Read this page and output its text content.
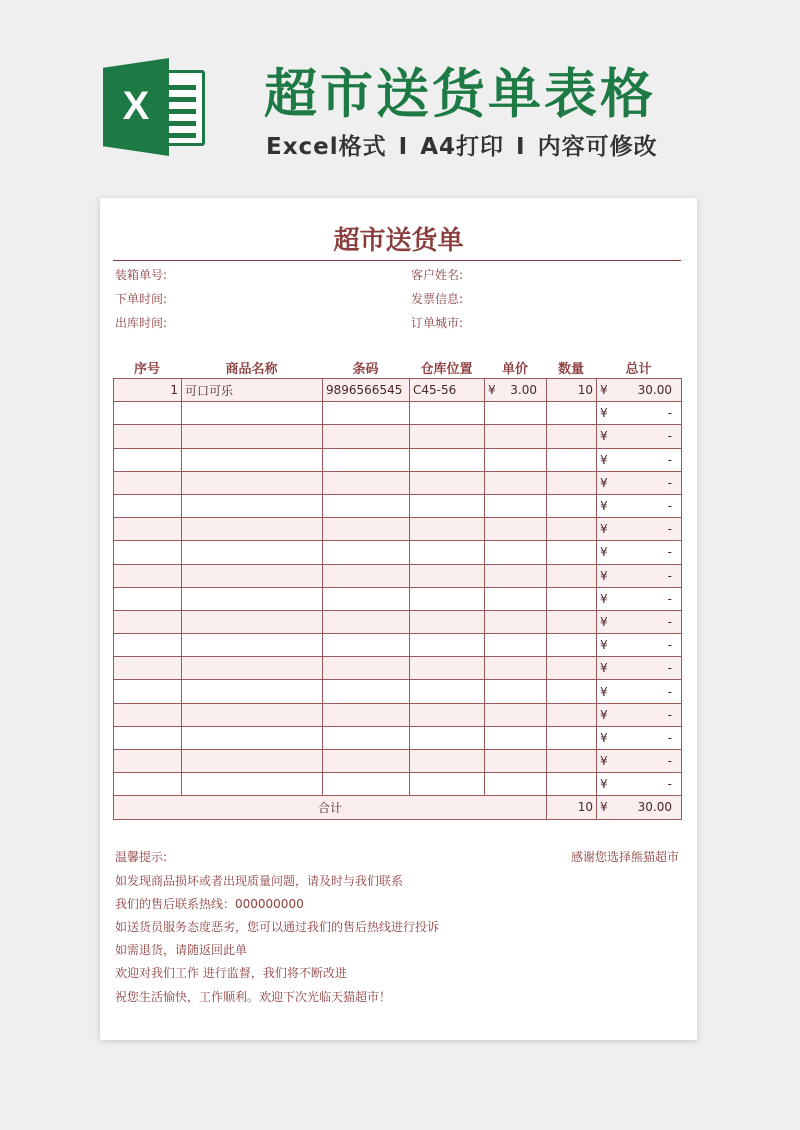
X 超市送货单表格
Excel格式 I A4打印 I 内容可修改
超市送货单
装箱单号:
下单时间:
出库时间:
客户姓名:
发票信息:
订单城市:
序号	商品名称	条码	仓库位置	单价	数量	总计
1	可口可乐	9896566545	C45-56	¥ 3.00	10	¥ 30.00

						¥ -

						¥ -

						¥ -

						¥ -

						¥ -

						¥ -

						¥ -

						¥ -

						¥ -

						¥ -

						¥ -

						¥ -

						¥ -

						¥ -

						¥ -

						¥ -

						¥ -

合计					10	¥ 30.00
温馨提示:	感谢您选择熊猫超市
如发现商品损坏或者出现质量问题，请及时与我们联系
我们的售后联系热线：000000000
如送货员服务态度恶劣，您可以通过我们的售后热线进行投诉
如需退货，请随返回此单
欢迎对我们工作 进行监督，我们将不断改进
祝您生活愉快，工作顺利。欢迎下次光临天猫超市！
